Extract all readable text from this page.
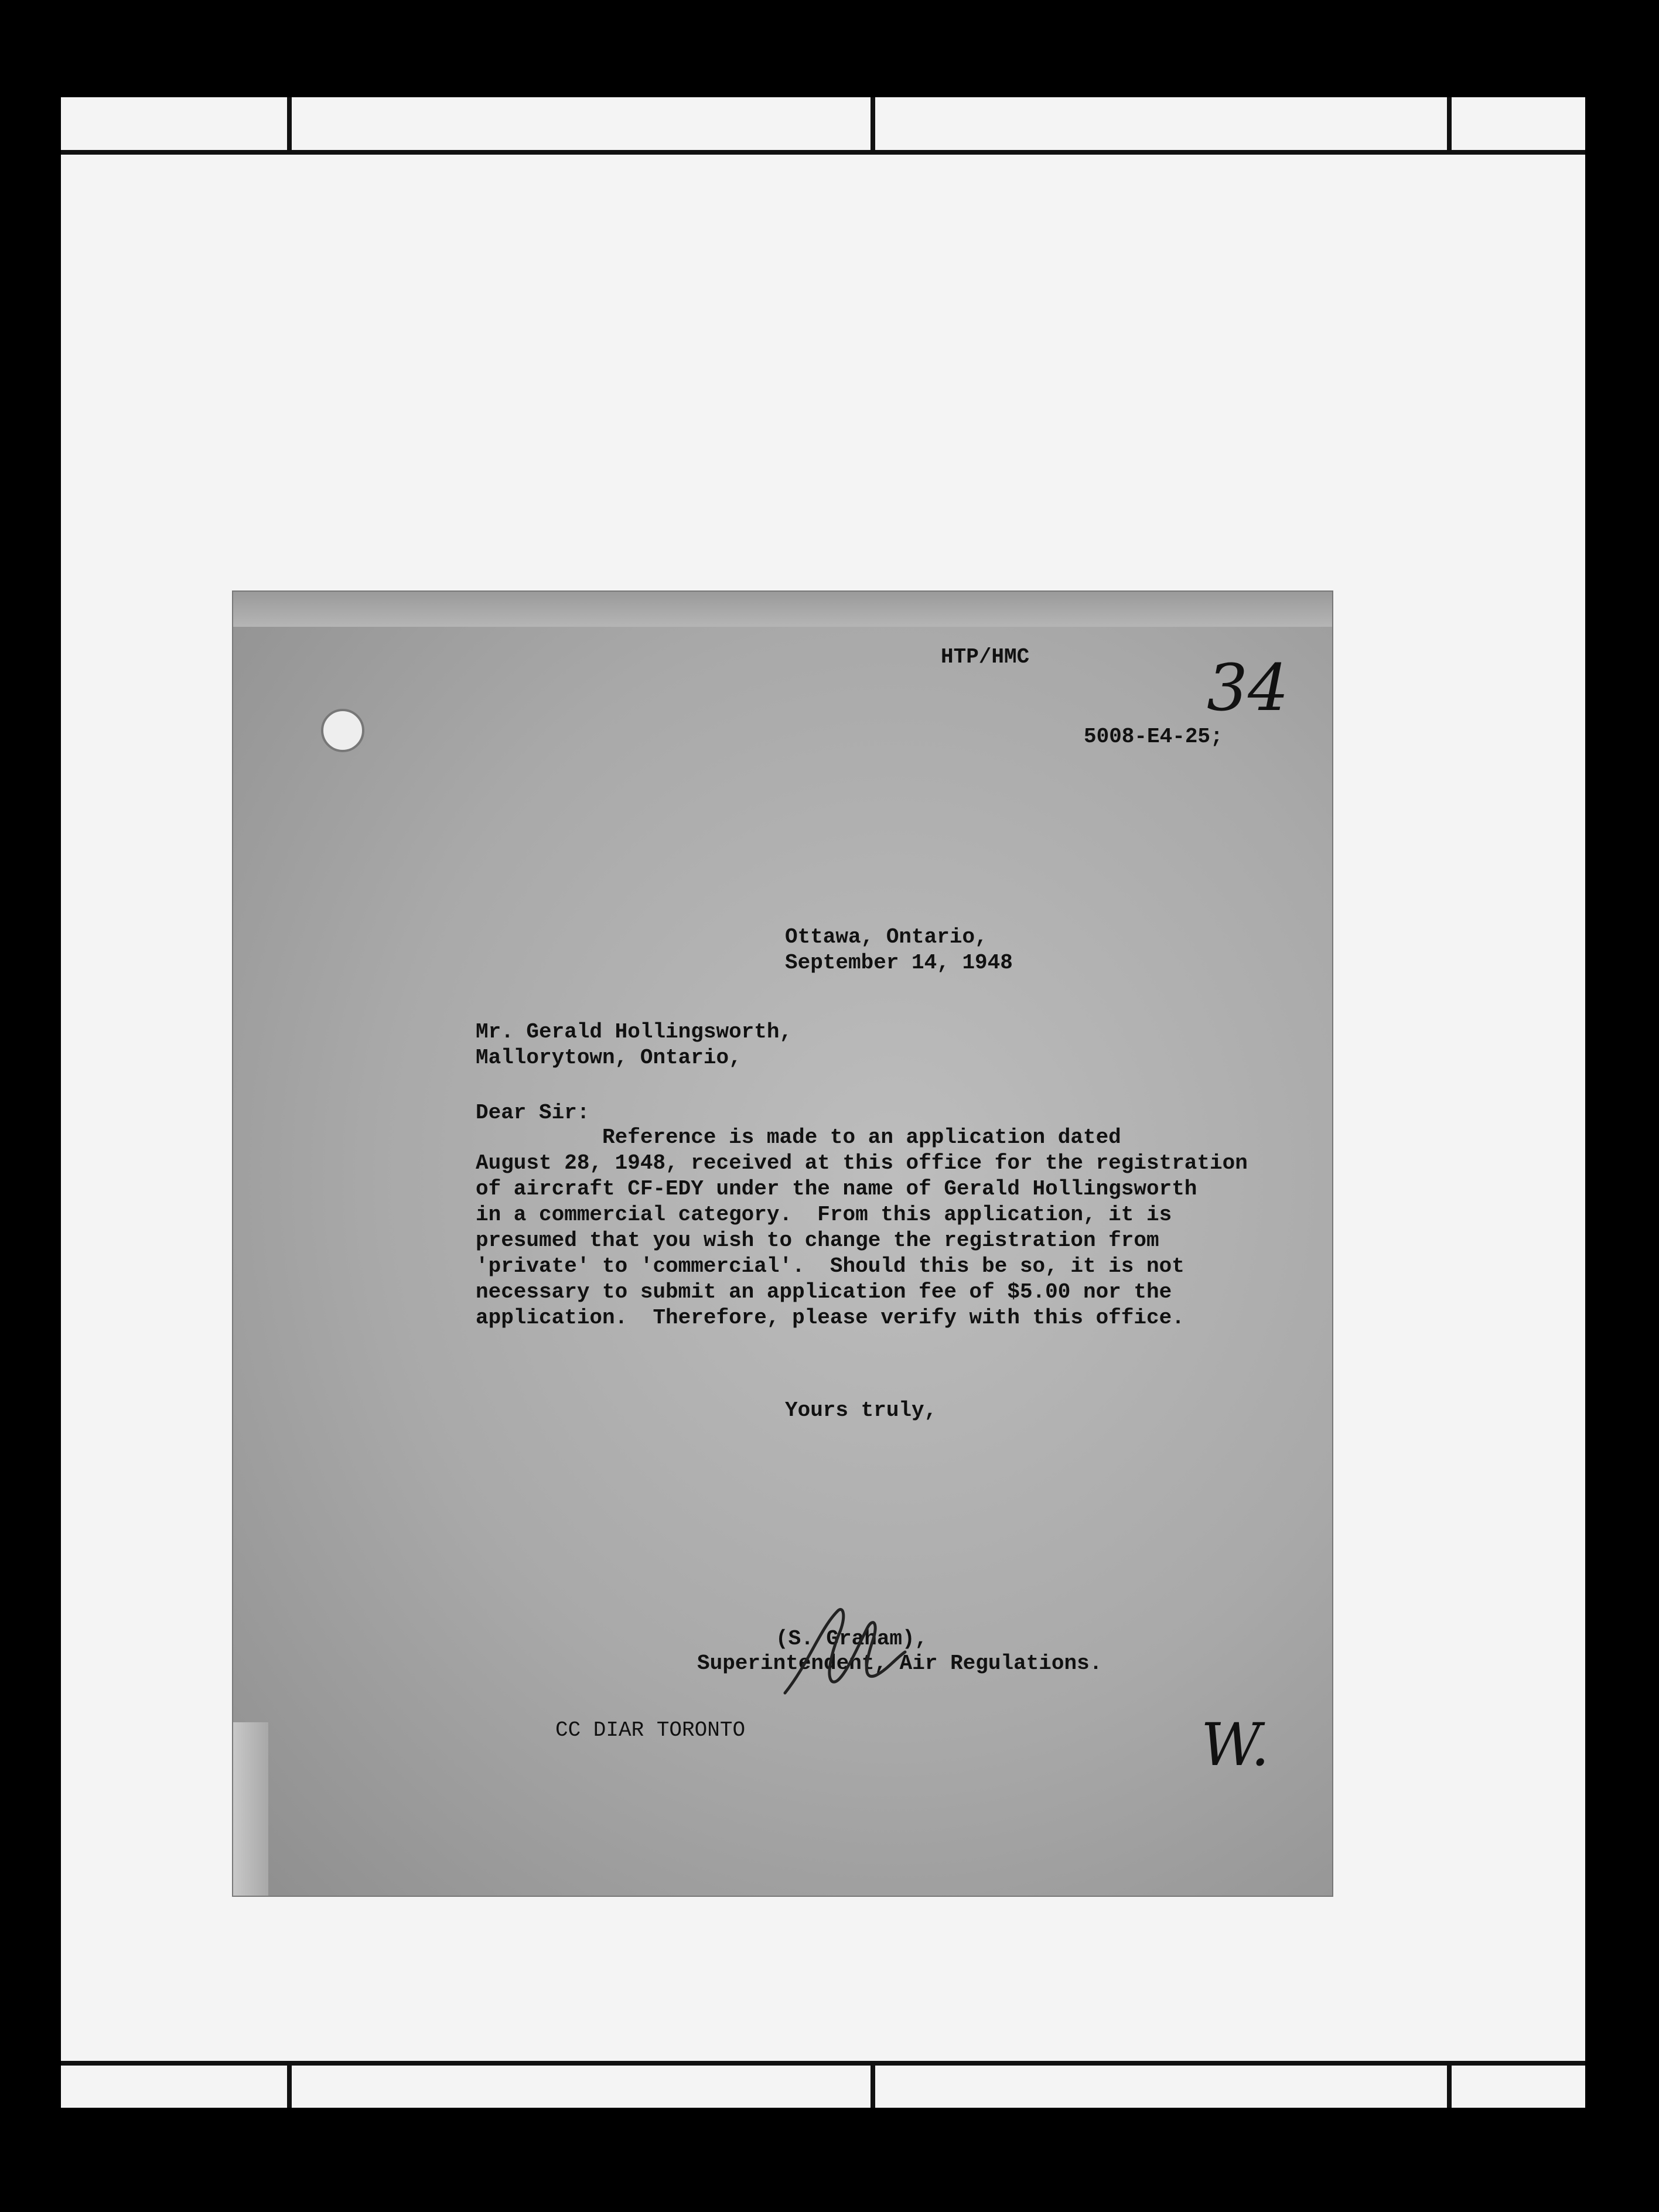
HTP/HMC
5008-E4-25;
34
Ottawa, Ontario,
September 14, 1948
Mr. Gerald Hollingsworth,
Mallorytown, Ontario,
Dear Sir:
Reference is made to an application dated
August 28, 1948, received at this office for the registration
of aircraft CF-EDY under the name of Gerald Hollingsworth
in a commercial category.  From this application, it is
presumed that you wish to change the registration from
'private' to 'commercial'.  Should this be so, it is not
necessary to submit an application fee of $5.00 nor the
application.  Therefore, please verify with this office.
Yours truly,
(S. Graham),
Superintendent, Air Regulations.
CC DIAR TORONTO	W.
